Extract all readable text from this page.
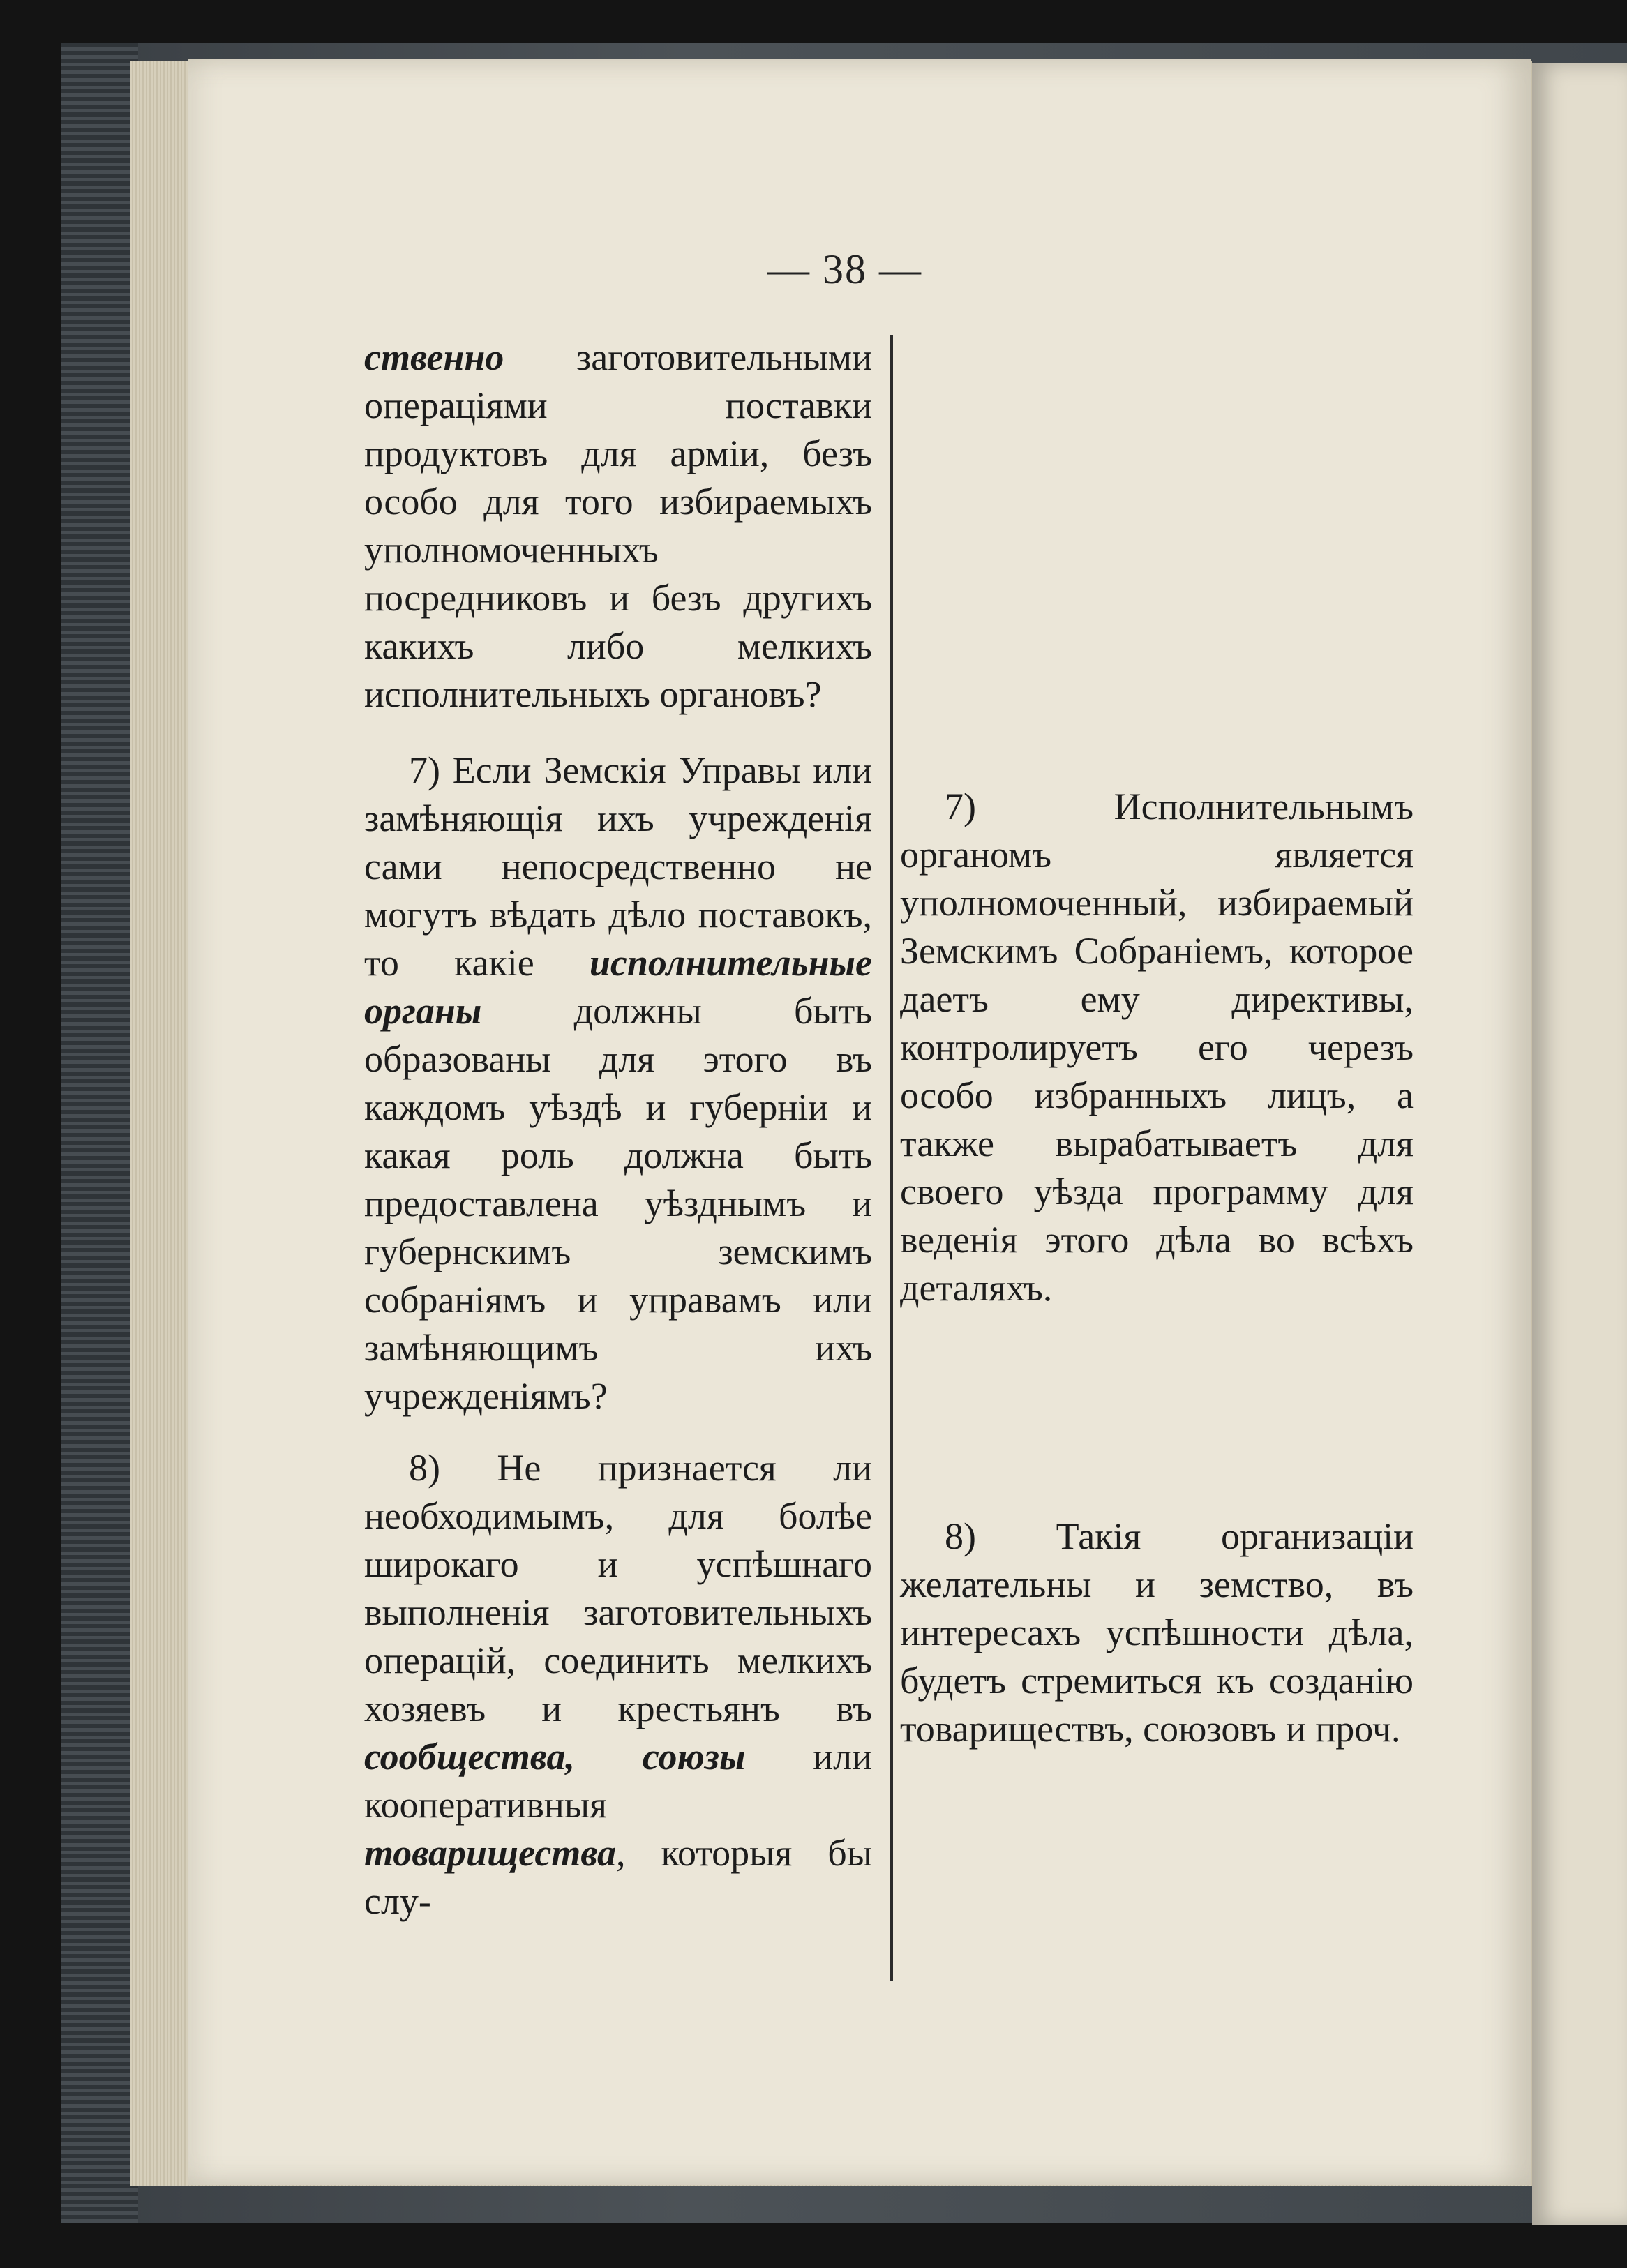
— 38 —

ственно заготовительными операціями поставки продуктовъ для арміи, безъ особо для того избираемыхъ уполномоченныхъ посредниковъ и безъ другихъ какихъ либо мелкихъ исполнительныхъ органовъ?

7) Если Земскія Управы или замѣняющія ихъ учрежденія сами непосредственно не могутъ вѣдать дѣло поставокъ, то какіе исполнительные органы должны быть образованы для этого въ каждомъ уѣздѣ и губерніи и какая роль должна быть предоставлена уѣзднымъ и губернскимъ земскимъ собраніямъ и управамъ или замѣняющимъ ихъ учрежденіямъ?

8) Не признается ли необходимымъ, для болѣе широкаго и успѣшнаго выполненія заготовительныхъ операцій, соединить мелкихъ хозяевъ и крестьянъ въ сообщества, союзы или кооперативныя товарищества, которыя бы слу-

7) Исполнительнымъ органомъ является уполномоченный, избираемый Земскимъ Собраніемъ, которое даетъ ему директивы, контролируетъ его черезъ особо избранныхъ лицъ, а также вырабатываетъ для своего уѣзда программу для веденія этого дѣла во всѣхъ деталяхъ.

8) Такія организаціи желательны и земство, въ интересахъ успѣшности дѣла, будетъ стремиться къ созданію товариществъ, союзовъ и проч.
